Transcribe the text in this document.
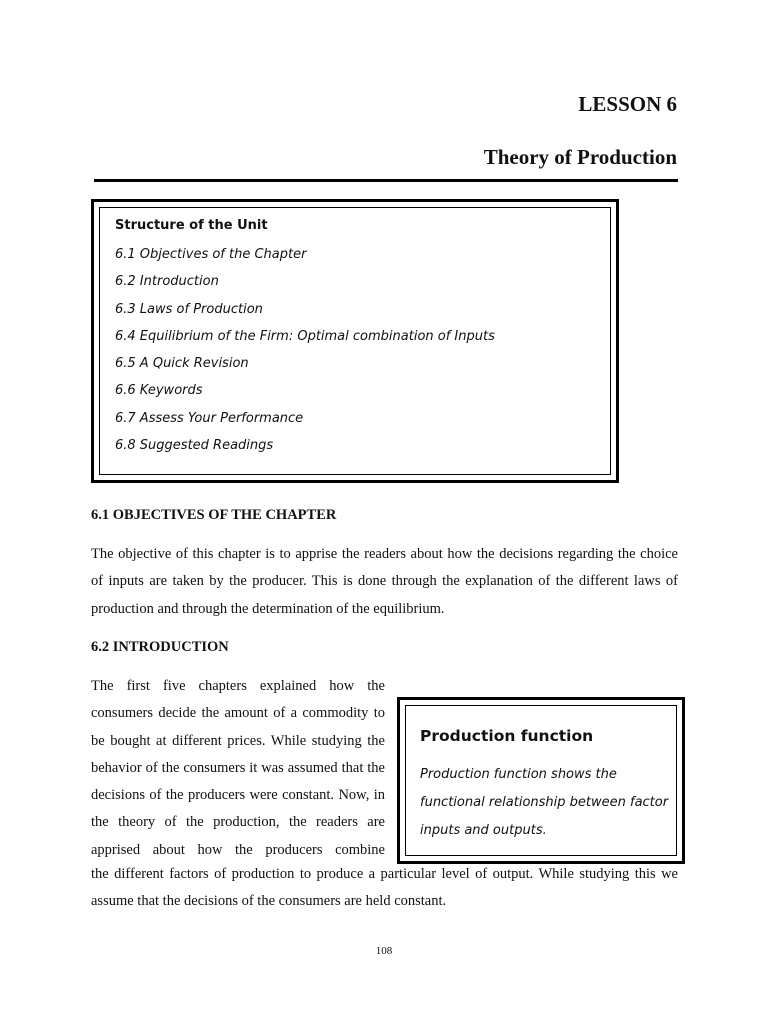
LESSON 6
Theory of Production
Structure of the Unit
6.1 Objectives of the Chapter
6.2 Introduction
6.3 Laws of Production
6.4 Equilibrium of the Firm: Optimal combination of Inputs
6.5 A Quick Revision
6.6 Keywords
6.7 Assess Your Performance
6.8 Suggested Readings
6.1 OBJECTIVES OF THE CHAPTER

The objective of this chapter is to apprise the readers about how the decisions regarding the choice of inputs are taken by the producer. This is done through the explanation of the different laws of production and through the determination of the equilibrium.

6.2 INTRODUCTION

The first five chapters explained how the consumers decide the amount of a commodity to be bought at different prices. While studying the behavior of the consumers it was assumed that the decisions of the producers were constant. Now, in the theory of the production, the readers are apprised about how the producers combine

the different factors of production to produce a particular level of output. While studying this we assume that the decisions of the consumers are held constant.

Production function

Production function shows the functional relationship between factor inputs and outputs.

108
